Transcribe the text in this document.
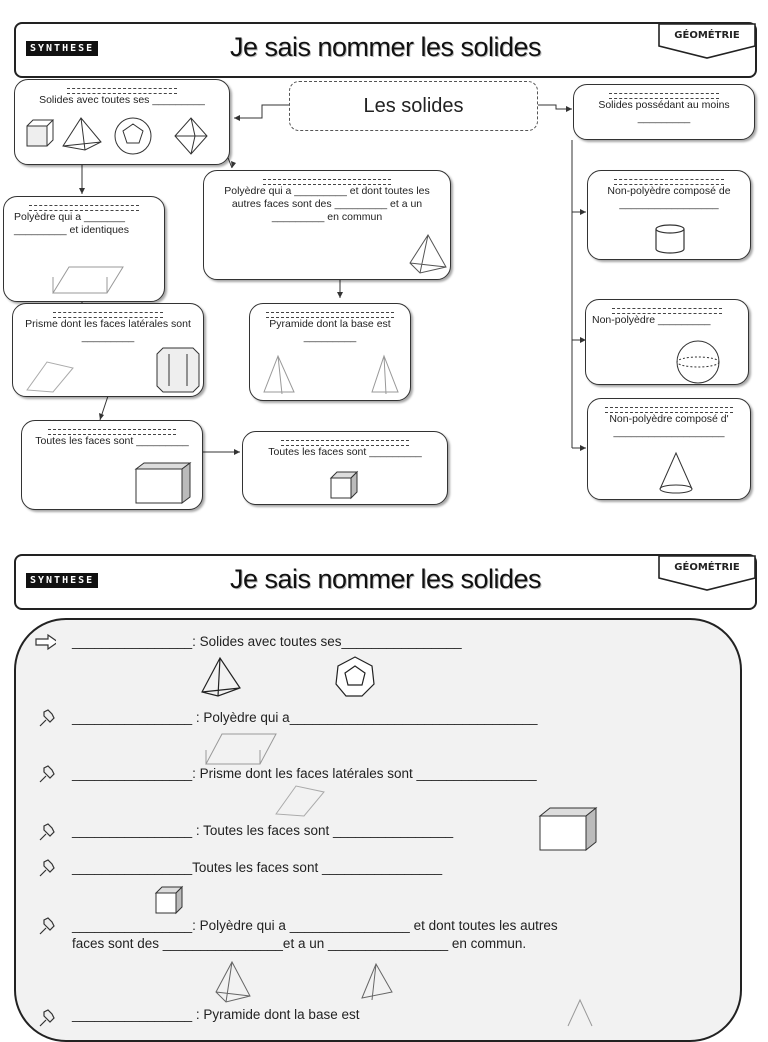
SYNTHESE	Je sais nommer les solides	GÉOMÉTRIE
Les solides
Solides avec toutes ses _________
Polyèdre qui a _______ _________ et identiques
Prisme dont les faces latérales sont _________
Toutes les faces sont _________
Toutes les faces sont _________
Polyèdre qui a _________ et dont toutes les autres faces sont des _________ et a un _________ en commun
Pyramide dont la base est _________
Solides possédant au moins _________
Non-polyèdre composé de _________________
Non-polyèdre _________
Non-polyèdre composé d' ___________________
SYNTHESE	Je sais nommer les solides	GÉOMÉTRIE
________________: Solides avec toutes ses________________
________________ : Polyèdre qui a_________________________________
________________: Prisme dont les faces latérales sont ________________
________________ : Toutes les faces sont ________________
________________Toutes les faces sont ________________
________________: Polyèdre qui a ________________ et dont toutes les autres
faces sont des ________________et a un ________________ en commun.
________________ : Pyramide dont la base est
